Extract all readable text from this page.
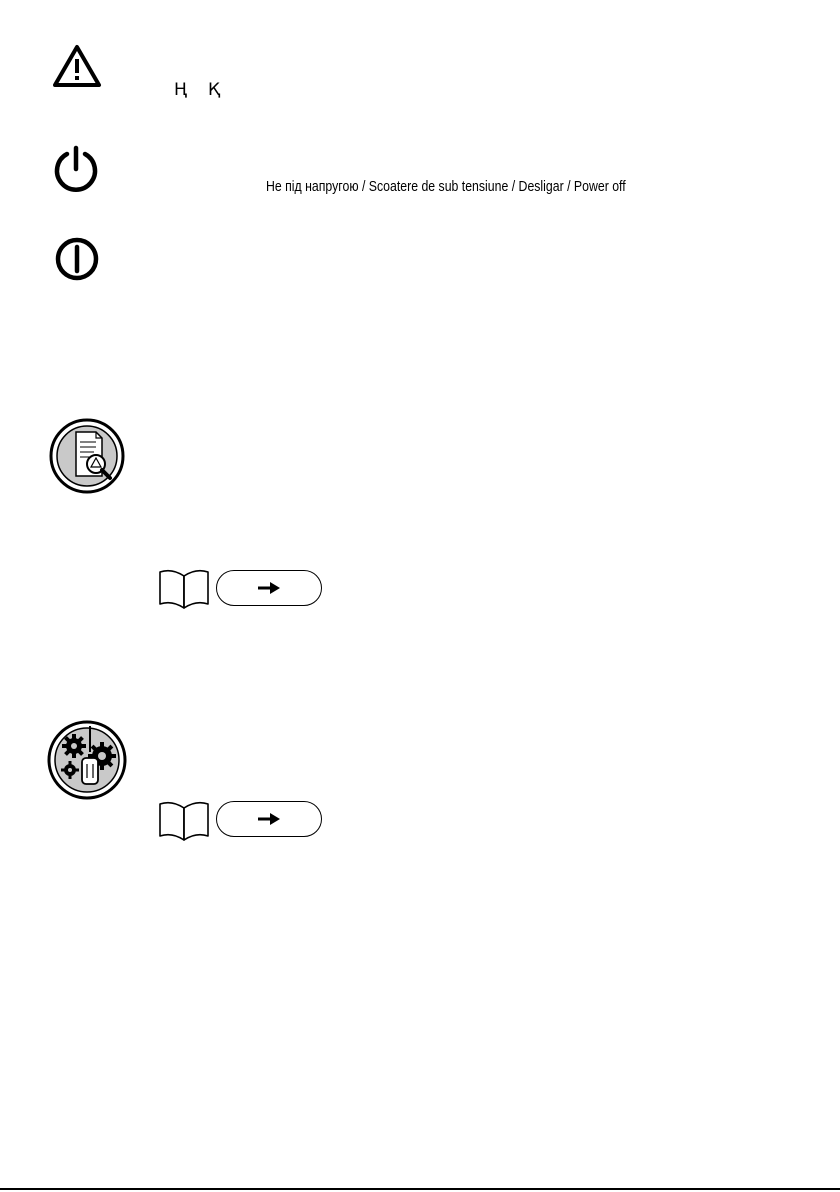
Ң Қ
Не під напругою / Scoatere de sub tensiune / Desligar / Power off
